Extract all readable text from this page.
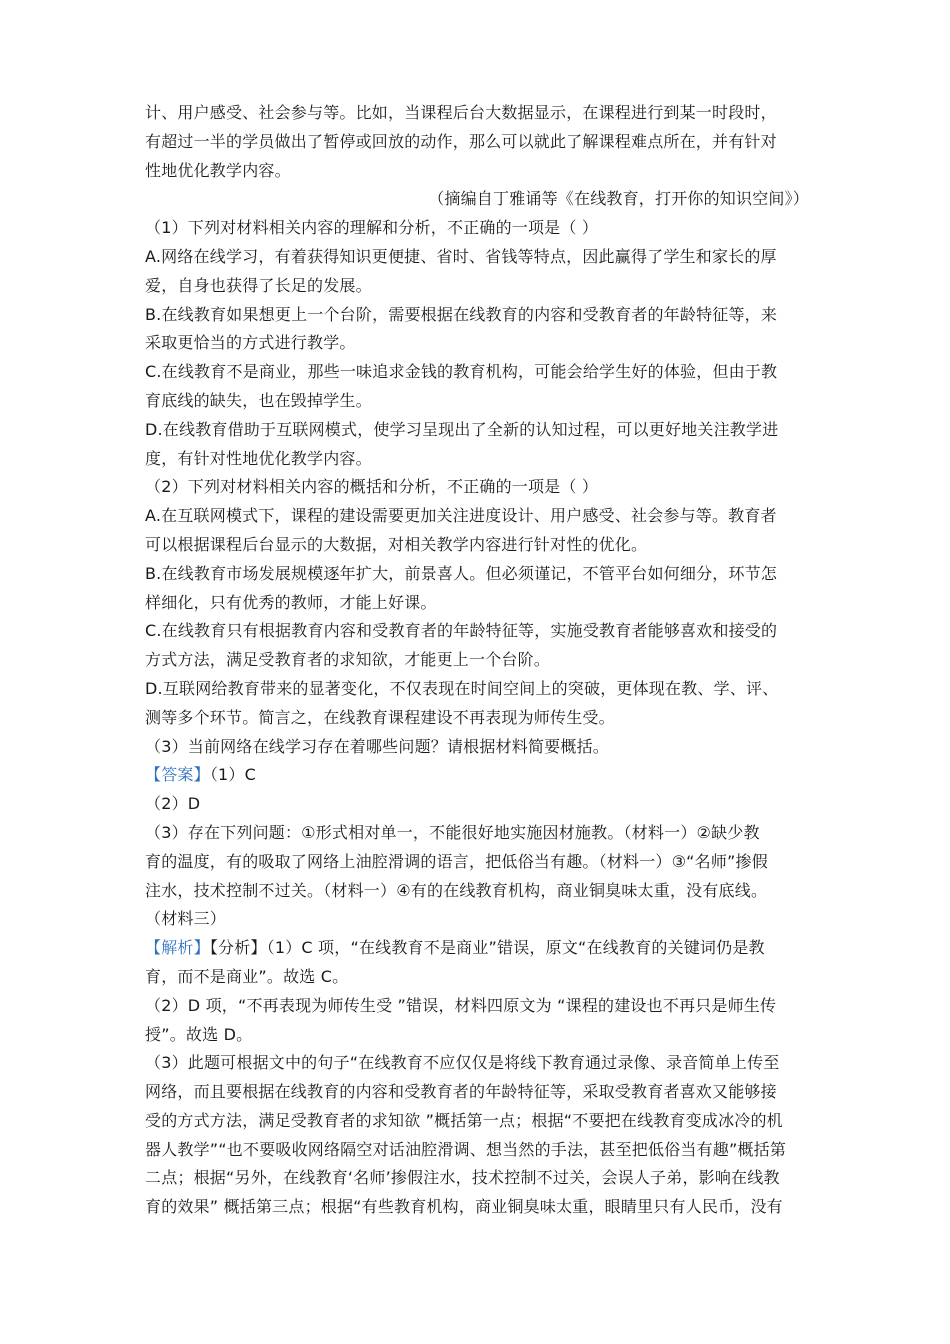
计、用户感受、社会参与等。比如，当课程后台大数据显示，在课程进行到某一时段时，
有超过一半的学员做出了暂停或回放的动作，那么可以就此了解课程难点所在，并有针对
性地优化教学内容。
（摘编自丁雅诵等《在线教育，打开你的知识空间》）
（1）下列对材料相关内容的理解和分析，不正确的一项是（ ）
A.网络在线学习，有着获得知识更便捷、省时、省钱等特点，因此赢得了学生和家长的厚
爱，自身也获得了长足的发展。
B.在线教育如果想更上一个台阶，需要根据在线教育的内容和受教育者的年龄特征等，来
采取更恰当的方式进行教学。
C.在线教育不是商业，那些一味追求金钱的教育机构，可能会给学生好的体验，但由于教
育底线的缺失，也在毁掉学生。
D.在线教育借助于互联网模式，使学习呈现出了全新的认知过程，可以更好地关注教学进
度，有针对性地优化教学内容。
（2）下列对材料相关内容的概括和分析，不正确的一项是（ ）
A.在互联网模式下，课程的建设需要更加关注进度设计、用户感受、社会参与等。教育者
可以根据课程后台显示的大数据，对相关教学内容进行针对性的优化。
B.在线教育市场发展规模逐年扩大，前景喜人。但必须谨记，不管平台如何细分，环节怎
样细化，只有优秀的教师，才能上好课。
C.在线教育只有根据教育内容和受教育者的年龄特征等，实施受教育者能够喜欢和接受的
方式方法，满足受教育者的求知欲，才能更上一个台阶。
D.互联网给教育带来的显著变化，不仅表现在时间空间上的突破，更体现在教、学、评、
测等多个环节。简言之，在线教育课程建设不再表现为师传生受。
（3）当前网络在线学习存在着哪些问题？请根据材料简要概括。
【答案】（1）C
（2）D
（3）存在下列问题：①形式相对单一，不能很好地实施因材施教。（材料一）②缺少教
育的温度，有的吸取了网络上油腔滑调的语言，把低俗当有趣。（材料一）③“名师”掺假
注水，技术控制不过关。（材料一）④有的在线教育机构，商业铜臭味太重，没有底线。
（材料三）
【解析】【分析】（1）C 项，“在线教育不是商业”错误，原文“在线教育的关键词仍是教
育，而不是商业”。故选 C。
（2）D 项，“不再表现为师传生受 ”错误，材料四原文为 “课程的建设也不再只是师生传
授”。故选 D。
（3）此题可根据文中的句子“在线教育不应仅仅是将线下教育通过录像、录音简单上传至
网络，而且要根据在线教育的内容和受教育者的年龄特征等，采取受教育者喜欢又能够接
受的方式方法，满足受教育者的求知欲 ”概括第一点；根据“不要把在线教育变成冰冷的机
器人教学”“也不要吸收网络隔空对话油腔滑调、想当然的手法，甚至把低俗当有趣”概括第
二点；根据“另外，在线教育‘名师’掺假注水，技术控制不过关，会误人子弟，影响在线教
育的效果” 概括第三点；根据“有些教育机构，商业铜臭味太重，眼睛里只有人民币，没有
